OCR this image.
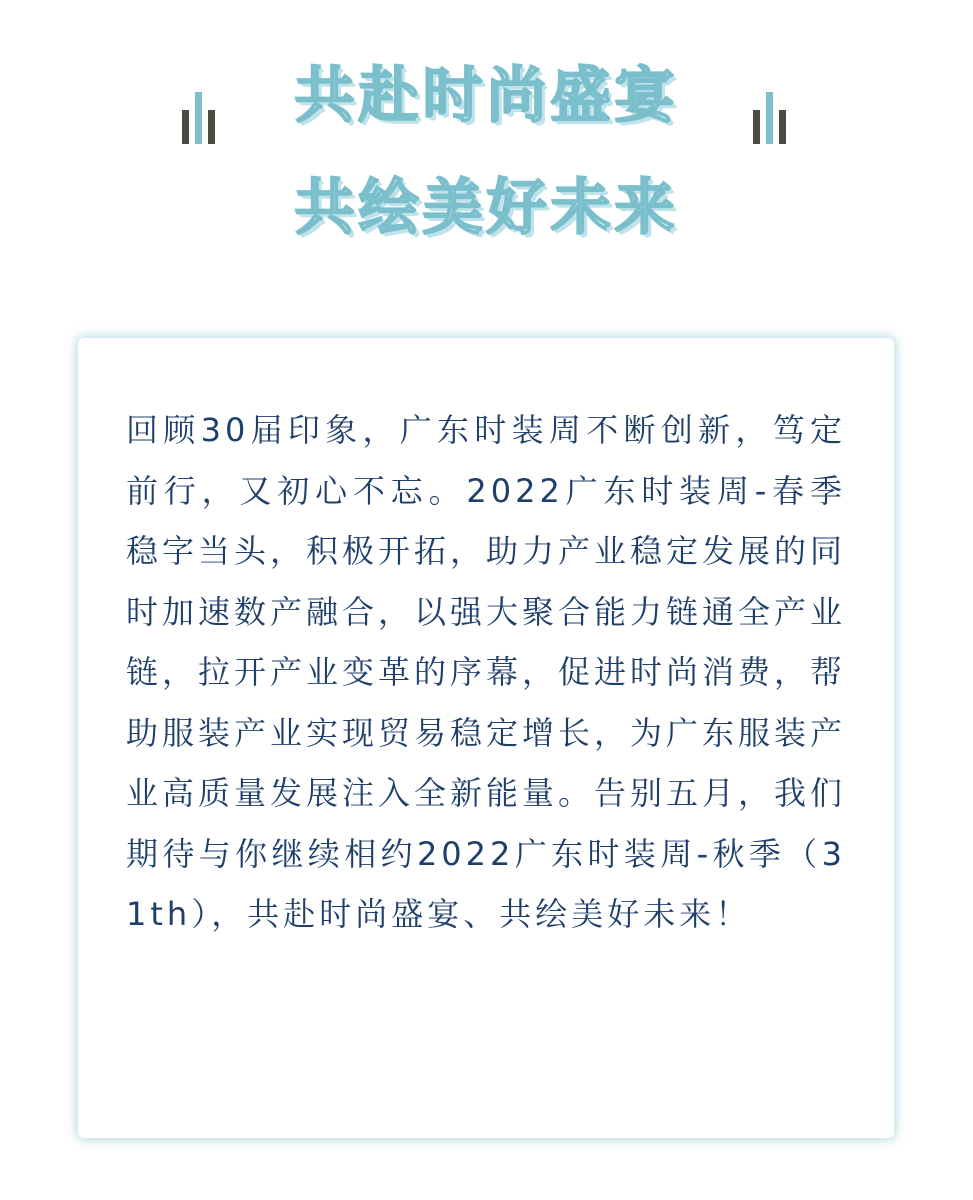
共赴时尚盛宴
共绘美好未来

回顾30届印象，广东时装周不断创新，笃定前行，又初心不忘。2022广东时装周-春季稳字当头，积极开拓，助力产业稳定发展的同时加速数产融合，以强大聚合能力链通全产业链，拉开产业变革的序幕，促进时尚消费，帮助服装产业实现贸易稳定增长，为广东服装产业高质量发展注入全新能量。告别五月，我们期待与你继续相约2022广东时装周-秋季（31th），共赴时尚盛宴、共绘美好未来！
